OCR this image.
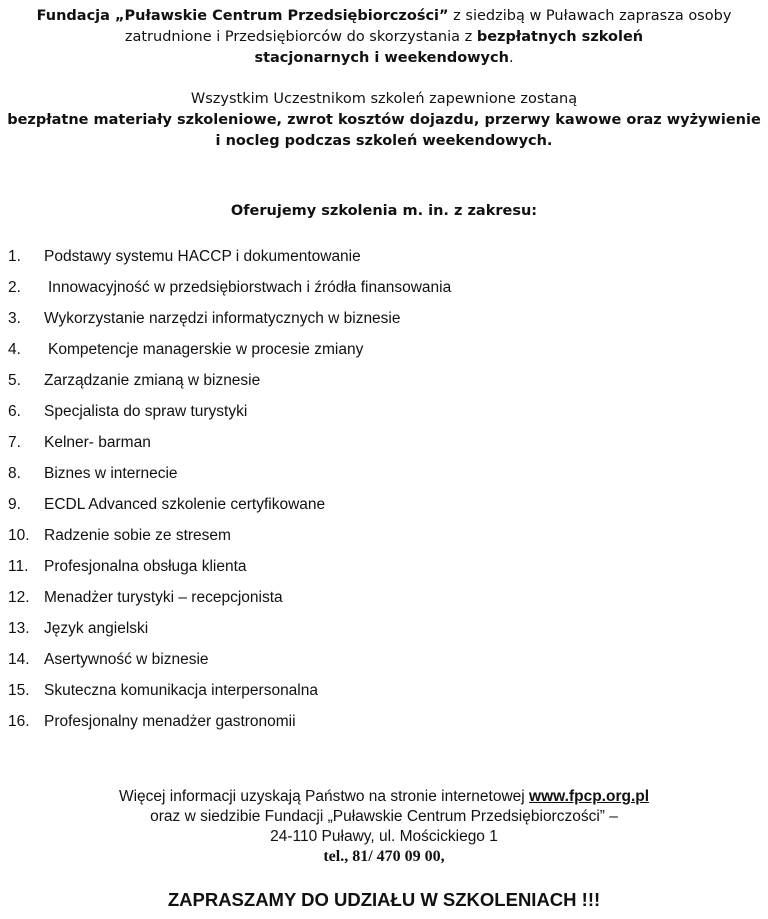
Fundacja „Puławskie Centrum Przedsiębiorczości” z siedzibą w Puławach zaprasza osoby

zatrudnione i Przedsiębiorców do skorzystania z bezpłatnych szkoleń

stacjonarnych i weekendowych.

Wszystkim Uczestnikom szkoleń zapewnione zostaną

bezpłatne materiały szkoleniowe, zwrot kosztów dojazdu, przerwy kawowe oraz wyżywienie

i nocleg podczas szkoleń weekendowych.

Oferujemy szkolenia m. in. z zakresu:
1. Podstawy systemu HACCP i dokumentowanie
2. Innowacyjność w przedsiębiorstwach i źródła finansowania
3. Wykorzystanie narzędzi informatycznych w biznesie
4. Kompetencje managerskie w procesie zmiany
5. Zarządzanie zmianą w biznesie
6. Specjalista do spraw turystyki
7. Kelner- barman
8. Biznes w internecie
9. ECDL Advanced szkolenie certyfikowane
10. Radzenie sobie ze stresem
11. Profesjonalna obsługa klienta
12. Menadżer turystyki – recepcjonista
13. Język angielski
14. Asertywność w biznesie
15. Skuteczna komunikacja interpersonalna
16. Profesjonalny menadżer gastronomii

Więcej informacji uzyskają Państwo na stronie internetowej www.fpcp.org.pl

oraz w siedzibie Fundacji „Puławskie Centrum Przedsiębiorczości” –

24-110 Puławy, ul. Mościckiego 1

tel., 81/ 470 09 00,

ZAPRASZAMY DO UDZIAŁU W SZKOLENIACH !!!
